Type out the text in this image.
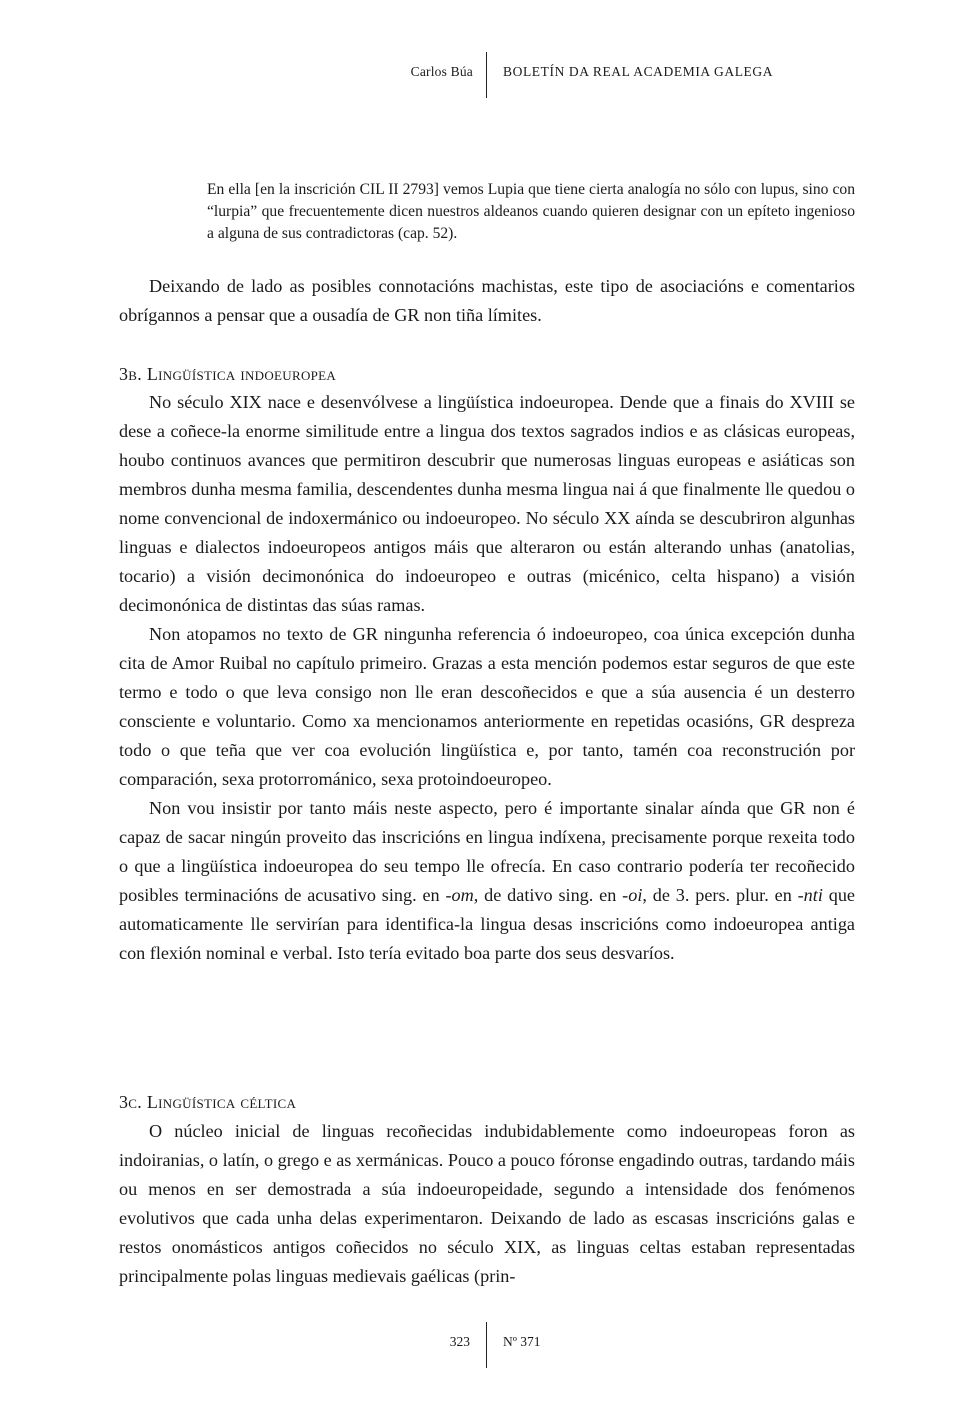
Carlos Búa BOLETÍN DA REAL ACADEMIA GALEGA
En ella [en la inscrición CIL II 2793] vemos Lupia que tiene cierta analogía no sólo con lupus, sino con “lurpia” que frecuentemente dicen nuestros aldeanos cuando quieren designar con un epíteto ingenioso a alguna de sus contradictoras (cap. 52).

Deixando de lado as posibles connotacións machistas, este tipo de asociacións e comentarios obrígannos a pensar que a ousadía de GR non tiña límites.

3b. Lingüística indoeuropea

No século XIX nace e desenvólvese a lingüística indoeuropea. Dende que a finais do XVIII se dese a coñece-la enorme similitude entre a lingua dos textos sagrados indios e as clásicas europeas, houbo continuos avances que permitiron descubrir que numerosas linguas europeas e asiáticas son membros dunha mesma familia, descendentes dunha mesma lingua nai á que finalmente lle quedou o nome convencional de indoxermánico ou indoeuropeo. No século XX aínda se descubriron algunhas linguas e dialectos indoeuropeos antigos máis que alteraron ou están alterando unhas (anatolias, tocario) a visión decimonónica do indoeuropeo e outras (micénico, celta hispano) a visión decimonónica de distintas das súas ramas.

Non atopamos no texto de GR ningunha referencia ó indoeuropeo, coa única excepción dunha cita de Amor Ruibal no capítulo primeiro. Grazas a esta mención podemos estar seguros de que este termo e todo o que leva consigo non lle eran descoñecidos e que a súa ausencia é un desterro consciente e voluntario. Como xa mencionamos anteriormente en repetidas ocasións, GR desprezа todo o que teña que ver coa evolución lingüística e, por tanto, tamén coa reconstrución por comparación, sexa protorrománico, sexa protoindoeuropeo.

Non vou insistir por tanto máis neste aspecto, pero é importante sinalar aínda que GR non é capaz de sacar ningún proveito das inscricións en lingua indíxena, precisamente porque rexeita todo o que a lingüística indoeuropea do seu tempo lle ofrecía. En caso contrario podería ter recoñecido posibles terminacións de acusativo sing. en -om, de dativo sing. en -oi, de 3. pers. plur. en -nti que automaticamente lle servirían para identifica-la lingua desas inscricións como indoeuropea antiga con flexión nominal e verbal. Isto tería evitado boa parte dos seus desvaríos.

3c. Lingüística céltica

O núcleo inicial de linguas recoñecidas indubidablemente como indoeuropeas foron as indoiranias, o latín, o grego e as xermánicas. Pouco a pouco fóronse engadindo outras, tardando máis ou menos en ser demostrada a súa indoeuropeidade, segundo a intensidade dos fenómenos evolutivos que cada unha delas experimentaron. Deixando de lado as escasas inscricións galas e restos onomásticos antigos coñecidos no século XIX, as linguas celtas estaban representadas principalmente polas linguas medievais gaélicas (prin-

323 Nº 371
